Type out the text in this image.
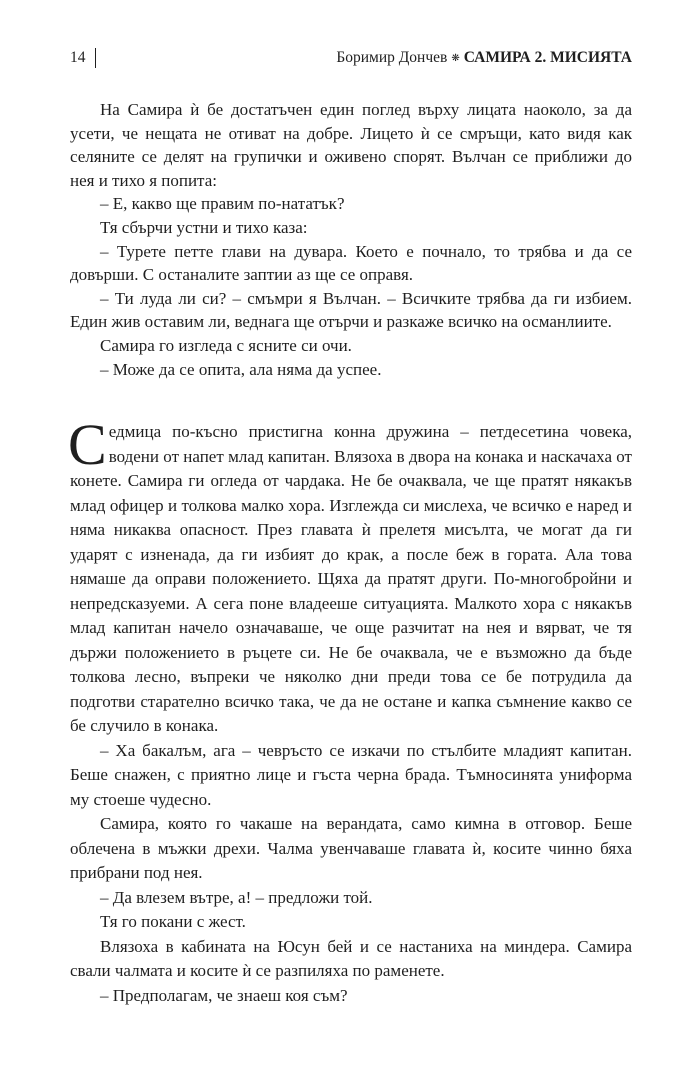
14	Боримир Дончев ❋ САМИРА 2. МИСИЯТА

На Самира ѝ бе достатъчен един поглед върху лицата наоколо, за да усети, че нещата не отиват на добре. Лицето ѝ се смръщи, като видя как селяните се делят на групички и оживено спорят. Вълчан се приближи до нея и тихо я попита:

– Е, какво ще правим по-нататък?

Тя сбърчи устни и тихо каза:

– Турете петте глави на дувара. Което е почнало, то трябва и да се довърши. С останалите заптии аз ще се оправя.

– Ти луда ли си? – смъмри я Вълчан. – Всичките трябва да ги избием. Един жив оставим ли, веднага ще отърчи и разкаже всичко на османлиите.

Самира го изгледа с ясните си очи.

– Може да се опита, ала няма да успее.

Седмица по-късно пристигна конна дружина – петдесетина човека, водени от напет млад капитан. Влязоха в двора на конака и наскачаха от конете. Самира ги огледа от чардака. Не бе очаквала, че ще пратят някакъв млад офицер и толкова малко хора. Изглежда си мислеха, че всичко е наред и няма никаква опасност. През главата ѝ прелетя мисълта, че могат да ги ударят с изненада, да ги избият до крак, а после беж в гората. Ала това нямаше да оправи положението. Щяха да пратят други. По-многобройни и непредсказуеми. А сега поне владееше ситуацията. Малкото хора с някакъв млад капитан начело означаваше, че още разчитат на нея и вярват, че тя държи положението в ръцете си. Не бе очаквала, че е възможно да бъде толкова лесно, въпреки че няколко дни преди това се бе потрудила да подготви старателно всичко така, че да не остане и капка съмнение какво се бе случило в конака.

– Ха бакалъм, ага – чевръсто се изкачи по стълбите младият капитан. Беше снажен, с приятно лице и гъста черна брада. Тъмносинята униформа му стоеше чудесно.

Самира, която го чакаше на верандата, само кимна в отговор. Беше облечена в мъжки дрехи. Чалма увенчаваше главата ѝ, косите чинно бяха прибрани под нея.

– Да влезем вътре, а! – предложи той.

Тя го покани с жест.

Влязоха в кабината на Юсун бей и се настаниха на миндера. Самира свали чалмата и косите ѝ се разпиляха по раменете.

– Предполагам, че знаеш коя съм?
